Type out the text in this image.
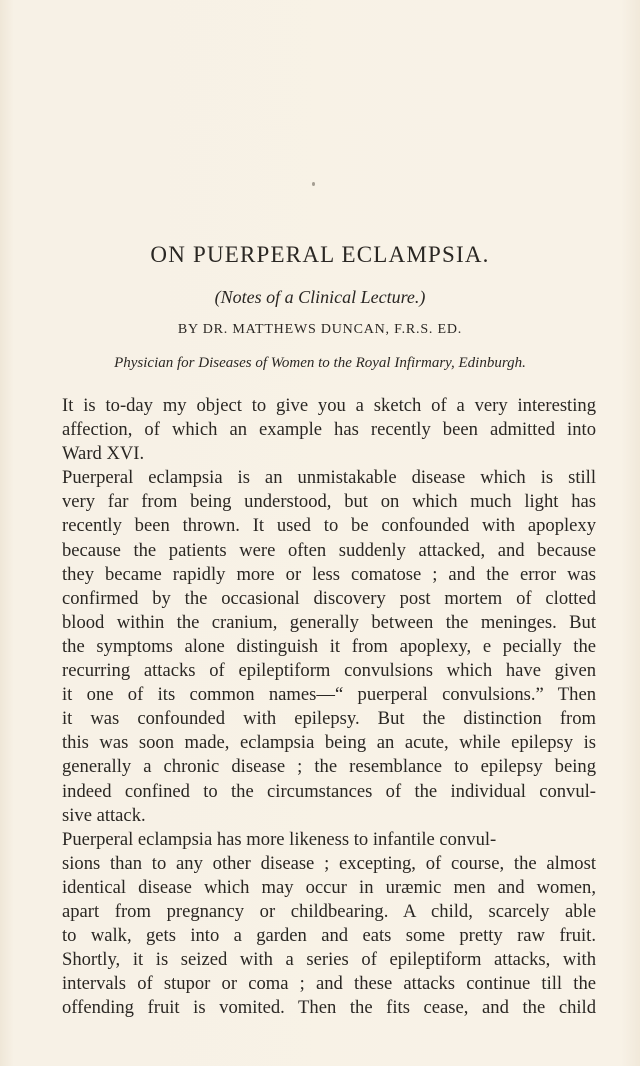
ON PUERPERAL ECLAMPSIA.
(Notes of a Clinical Lecture.)
BY DR. MATTHEWS DUNCAN, F.R.S. ED.
Physician for Diseases of Women to the Royal Infirmary, Edinburgh.
It is to-day my object to give you a sketch of a very interesting
affection, of which an example has recently been admitted into
Ward XVI.
Puerperal eclampsia is an unmistakable disease which is still
very far from being understood, but on which much light has
recently been thrown. It used to be confounded with apoplexy
because the patients were often suddenly attacked, and because
they became rapidly more or less comatose ; and the error was
confirmed by the occasional discovery post mortem of clotted
blood within the cranium, generally between the meninges. But
the symptoms alone distinguish it from apoplexy, e pecially the
recurring attacks of epileptiform convulsions which have given
it one of its common names—“ puerperal convulsions.” Then
it was confounded with epilepsy. But the distinction from
this was soon made, eclampsia being an acute, while epilepsy is
generally a chronic disease ; the resemblance to epilepsy being
indeed confined to the circumstances of the individual convul-
sive attack.
Puerperal eclampsia has more likeness to infantile convul-
sions than to any other disease ; excepting, of course, the almost
identical disease which may occur in uræmic men and women,
apart from pregnancy or childbearing. A child, scarcely able
to walk, gets into a garden and eats some pretty raw fruit.
Shortly, it is seized with a series of epileptiform attacks, with
intervals of stupor or coma ; and these attacks continue till the
offending fruit is vomited. Then the fits cease, and the child
